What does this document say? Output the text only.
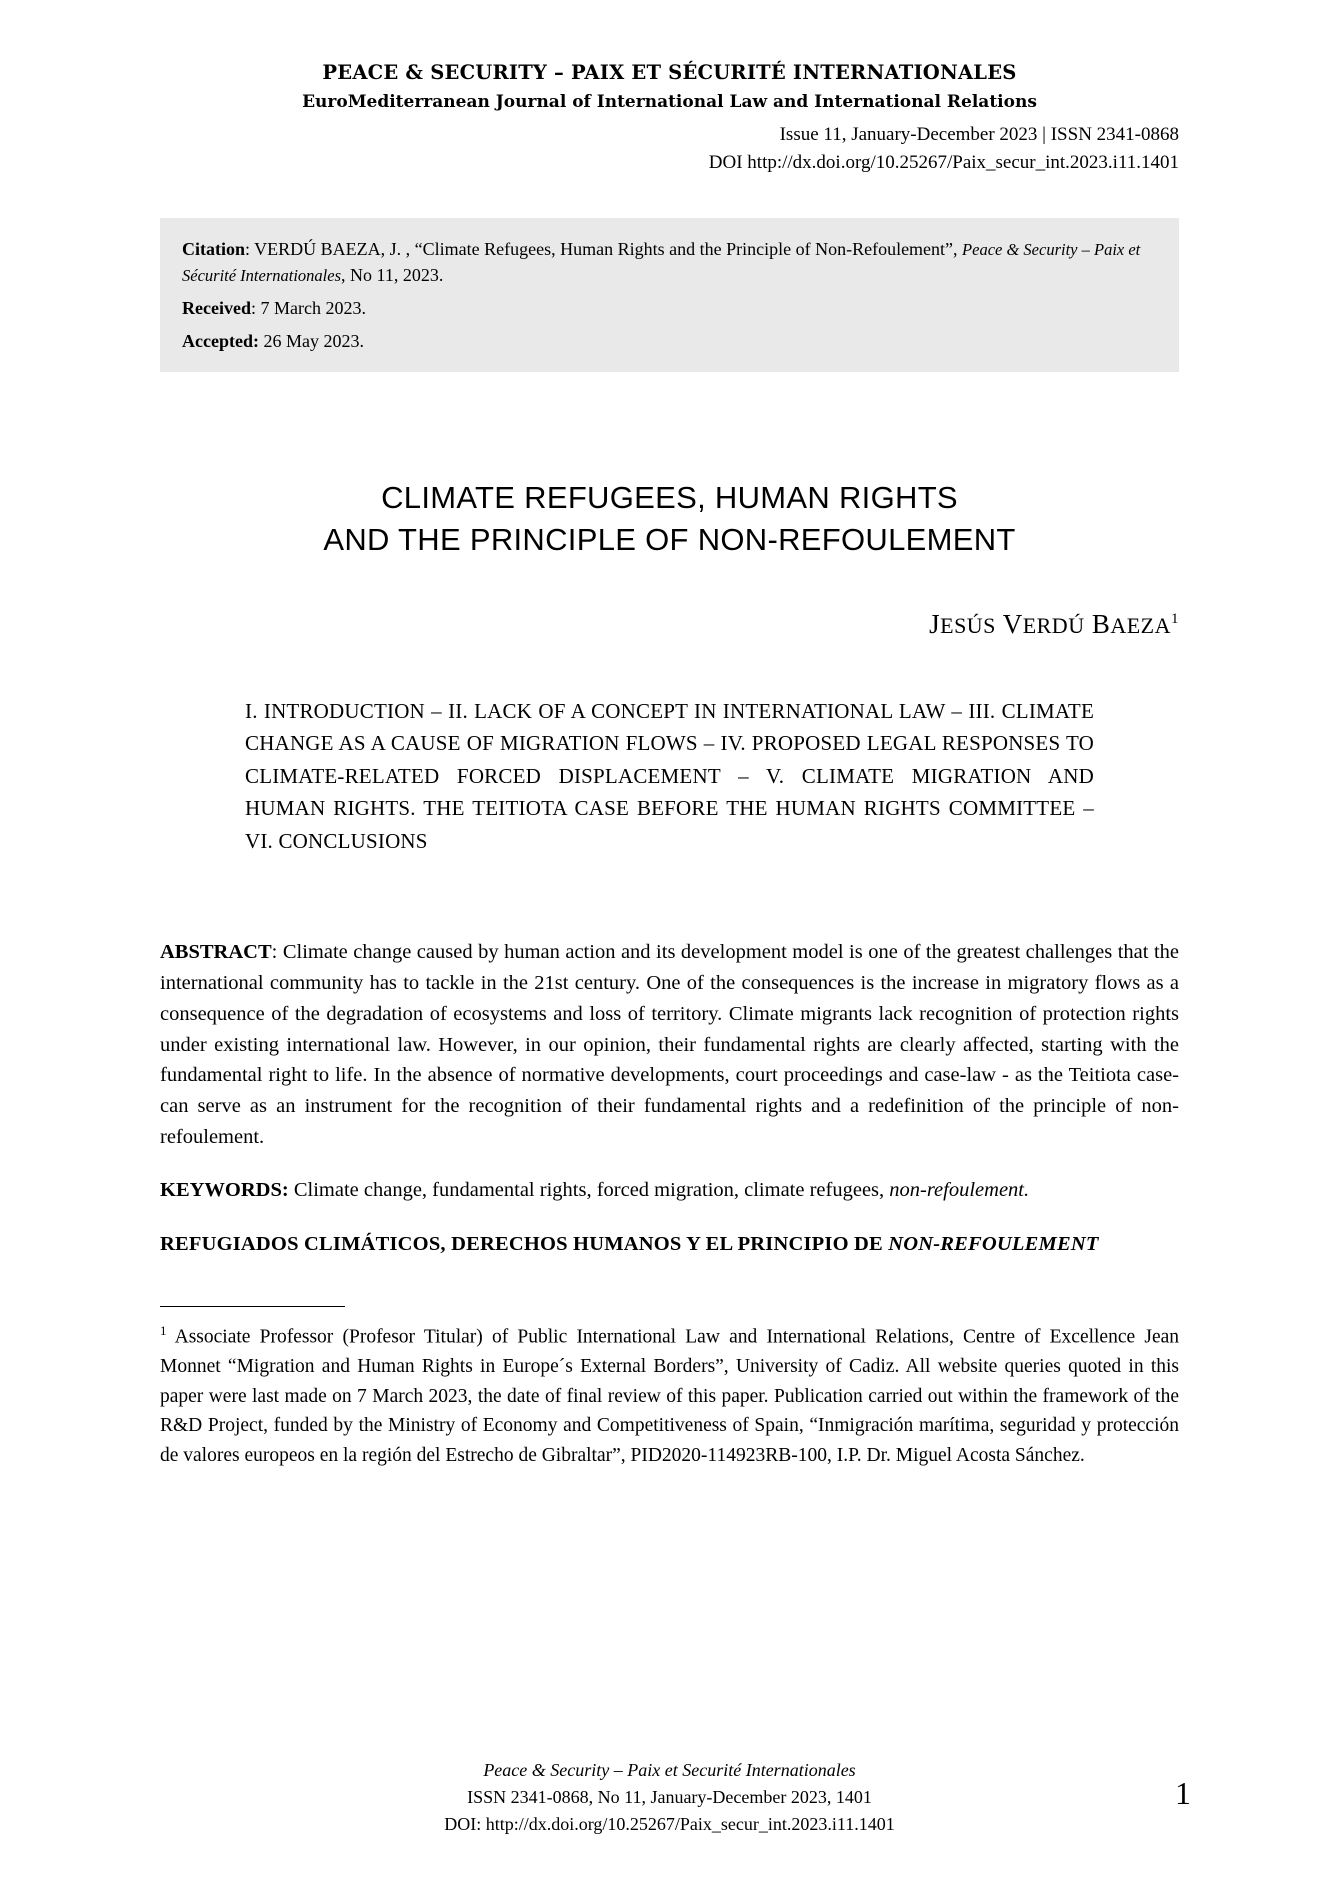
PEACE & SECURITY – PAIX ET SÉCURITÉ INTERNATIONALES
EuroMediterranean Journal of International Law and International Relations
Issue 11, January-December 2023 | ISSN 2341-0868
DOI http://dx.doi.org/10.25267/Paix_secur_int.2023.i11.1401
Citation: VERDÚ BAEZA, J. , “Climate Refugees, Human Rights and the Principle of Non-Refoulement”, Peace & Security – Paix et Sécurité Internationales, No 11, 2023.
Received: 7 March 2023.
Accepted: 26 May 2023.
CLIMATE REFUGEES, HUMAN RIGHTS
AND THE PRINCIPLE OF NON-REFOULEMENT
JESÚS VERDÚ BAEZA$^1$
I. INTRODUCTION – II. LACK OF A CONCEPT IN INTERNATIONAL LAW – III. CLIMATE CHANGE AS A CAUSE OF MIGRATION FLOWS – IV. PROPOSED LEGAL RESPONSES TO CLIMATE-RELATED FORCED DISPLACEMENT – V. CLIMATE MIGRATION AND HUMAN RIGHTS. THE TEITIOTA CASE BEFORE THE HUMAN RIGHTS COMMITTEE – VI. CONCLUSIONS
ABSTRACT: Climate change caused by human action and its development model is one of the greatest challenges that the international community has to tackle in the 21st century. One of the consequences is the increase in migratory flows as a consequence of the degradation of ecosystems and loss of territory. Climate migrants lack recognition of protection rights under existing international law. However, in our opinion, their fundamental rights are clearly affected, starting with the fundamental right to life. In the absence of normative developments, court proceedings and case-law - as the Teitiota case- can serve as an instrument for the recognition of their fundamental rights and a redefinition of the principle of non-refoulement.
KEYWORDS: Climate change, fundamental rights, forced migration, climate refugees, non-refoulement.
REFUGIADOS CLIMÁTICOS, DERECHOS HUMANOS Y EL PRINCIPIO DE NON-REFOULEMENT
$^1$ Associate Professor (Profesor Titular) of Public International Law and International Relations, Centre of Excellence Jean Monnet “Migration and Human Rights in Europe´s External Borders”, University of Cadiz. All website queries quoted in this paper were last made on 7 March 2023, the date of final review of this paper. Publication carried out within the framework of the R&D Project, funded by the Ministry of Economy and Competitiveness of Spain, “Inmigración marítima, seguridad y protección de valores europeos en la región del Estrecho de Gibraltar”, PID2020-114923RB-100, I.P. Dr. Miguel Acosta Sánchez.
Peace & Security – Paix et Securité Internationales
ISSN 2341-0868, No 11, January-December 2023, 1401
DOI: http://dx.doi.org/10.25267/Paix_secur_int.2023.i11.1401
1
